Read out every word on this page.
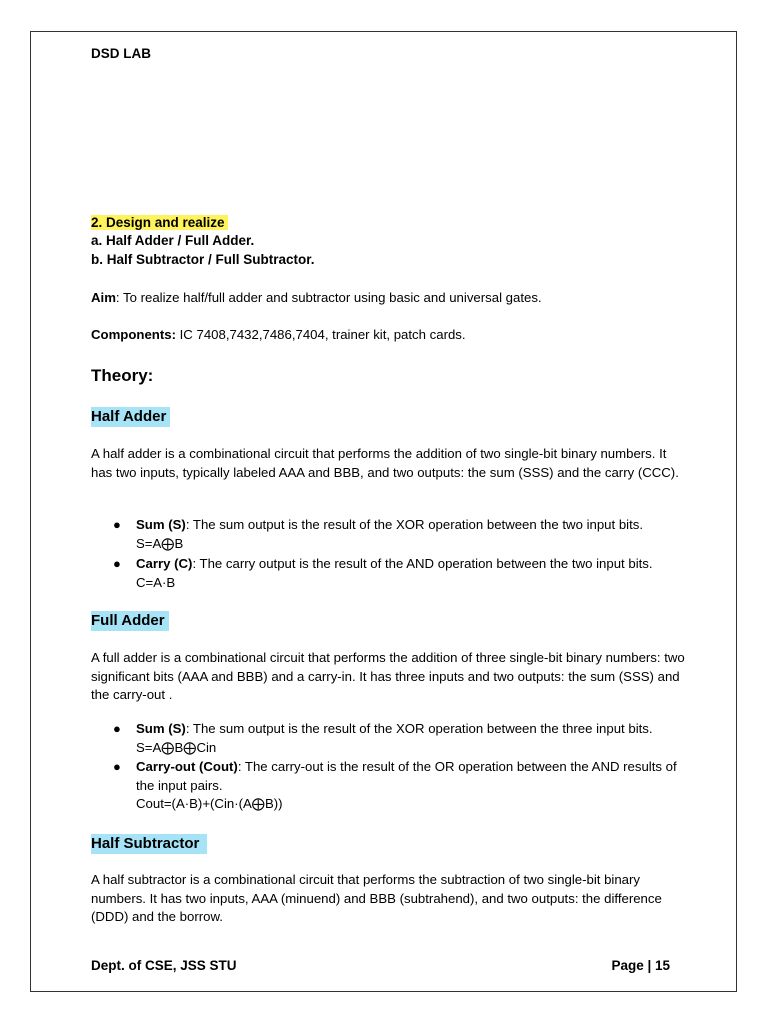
DSD LAB
2. Design and realize
a. Half Adder / Full Adder.
b. Half Subtractor / Full Subtractor.
Aim: To realize half/full adder and subtractor using basic and universal gates.
Components: IC 7408,7432,7486,7404, trainer kit, patch cards.
Theory:
Half Adder
A half adder is a combinational circuit that performs the addition of two single-bit binary numbers. It has two inputs, typically labeled AAA and BBB, and two outputs: the sum (SSS) and the carry (CCC).
● Sum (S): The sum output is the result of the XOR operation between the two input bits.
S=A⨁B
● Carry (C): The carry output is the result of the AND operation between the two input bits.
C=A·B
Full Adder
A full adder is a combinational circuit that performs the addition of three single-bit binary numbers: two significant bits (AAA and BBB) and a carry-in. It has three inputs and two outputs: the sum (SSS) and the carry-out .
● Sum (S): The sum output is the result of the XOR operation between the three input bits.
S=A⨁B⨁Cin
● Carry-out (Cout): The carry-out is the result of the OR operation between the AND results of the input pairs.
Cout=(A·B)+(Cin·(A⨁B))
Half Subtractor
A half subtractor is a combinational circuit that performs the subtraction of two single-bit binary numbers. It has two inputs, AAA (minuend) and BBB (subtrahend), and two outputs: the difference (DDD) and the borrow.
Dept. of CSE, JSS STU	Page | 15
